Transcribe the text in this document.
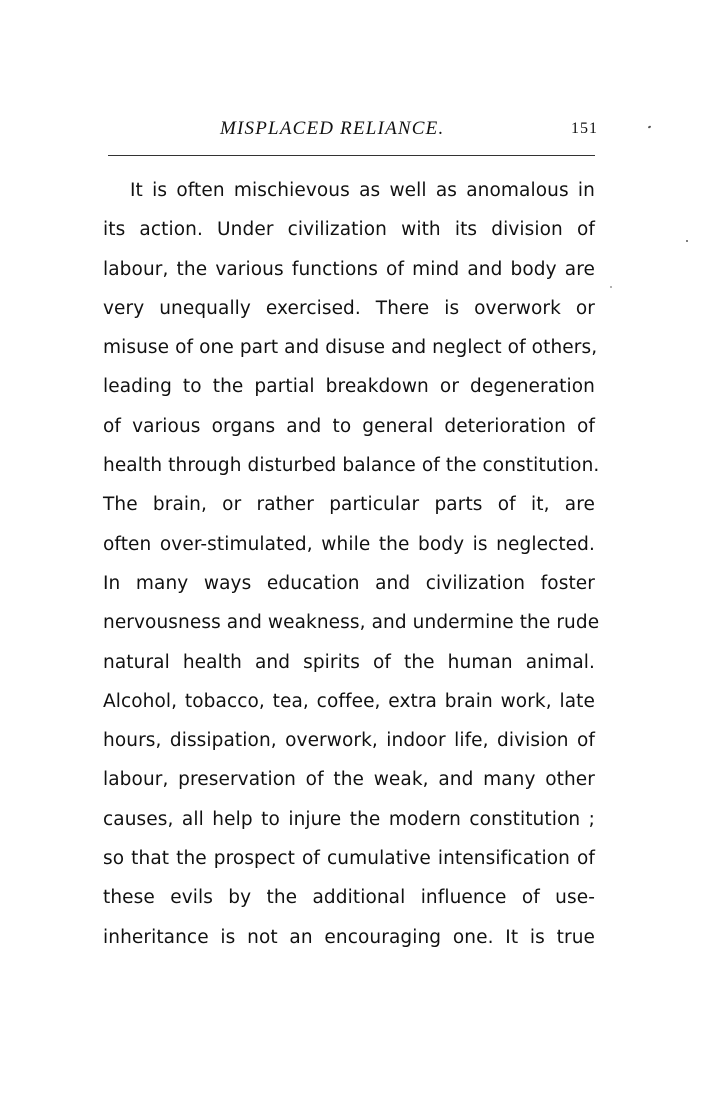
MISPLACED RELIANCE.	151
It is often mischievous as well as anomalous in
its action. Under civilization with its division of
labour, the various functions of mind and body are
very unequally exercised. There is overwork or
misuse of one part and disuse and neglect of others,
leading to the partial breakdown or degeneration
of various organs and to general deterioration of
health through disturbed balance of the constitution.
The brain, or rather particular parts of it, are
often over-stimulated, while the body is neglected.
In many ways education and civilization foster
nervousness and weakness, and undermine the rude
natural health and spirits of the human animal.
Alcohol, tobacco, tea, coffee, extra brain work, late
hours, dissipation, overwork, indoor life, division of
labour, preservation of the weak, and many other
causes, all help to injure the modern constitution ;
so that the prospect of cumulative intensification of
these evils by the additional influence of use-
inheritance is not an encouraging one. It is true
